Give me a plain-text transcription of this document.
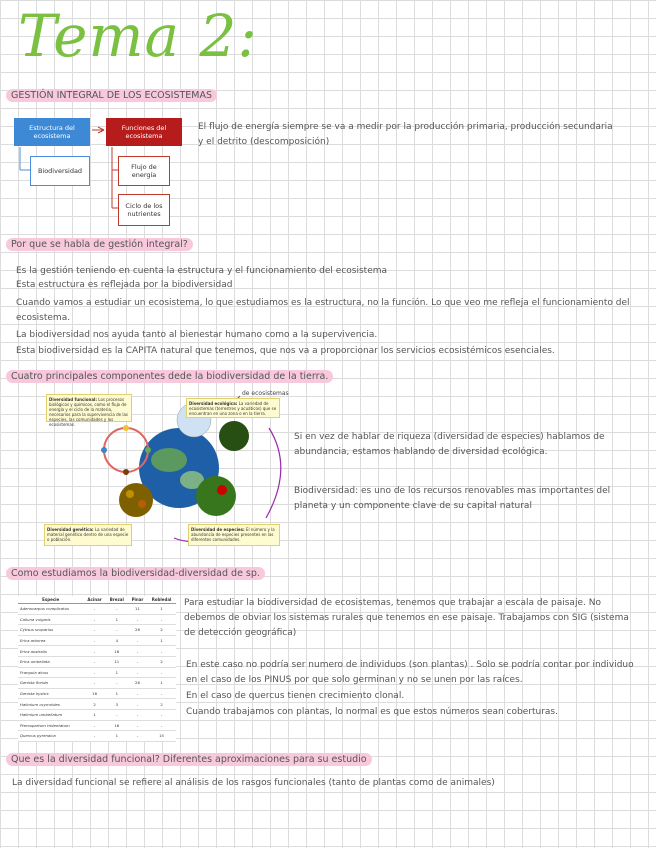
Tema 2:
GESTIÓN INTEGRAL DE LOS ECOSISTEMAS
Estructura del ecosistema
Funciones del ecosistema
Biodiversidad	Flujo de energía
Ciclo de los nutrientes
El flujo de energía siempre se va a medir por la producción primaria, producción secundaria y el detrito (descomposición)
Por que se habla de gestión integral?
Es la gestión teniendo en cuenta la estructura y el funcionamiento del ecosistema
Esta estructura es reflejada por la biodiversidad
Cuando vamos a estudiar un ecosistema, lo que estudiamos es la estructura, no la función. Lo que veo me refleja el funcionamiento del ecosistema.
La biodiversidad nos ayuda tanto al bienestar humano como a la supervivencia.
Esta biodiversidad es la CAPITA natural que tenemos, que nos va a proporcionar los servicios ecosistémicos esenciales.
Cuatro principales componentes dede la biodiversidad de la tierra.
de ecosistemas
Diversidad funcional: Los procesos biológicos y químicos, como el flujo de energía y el ciclo de la materia, necesarios para la supervivencia de las especies, las comunidades y los ecosistemas.
Diversidad ecológica: La variedad de ecosistemas (terrestres y acuáticos) que se encuentran en una zona o en la tierra.
Diversidad genética: La variedad de material genético dentro de una especie o población.
Diversidad de especies: El número y la abundancia de especies presentes en las diferentes comunidades.
Si en vez de hablar de riqueza (diversidad de especies) hablamos de abundancia, estamos hablando de diversidad ecológica.
Biodiversidad: es uno de los recursos renovables mas importantes del planeta y un componente clave de su capital natural
Como estudiamos la biodiversidad-diversidad de sp.
Especie	Acinar	Brezal	Pinar	Robledal
Adenocarpus complicatus	-	-	11	1
Calluna vulgaris	-	1	-	-
Cytisus scoparius	-	-	26	2
Erica arborea	-	4	-	1
Erica australis	-	16	-	-
Erica umbellata	-	11	-	2
Frangula alnus	-	1	-	-
Genista florida	-	-	26	1
Genista hystrix	16	1	-	-
Halimium ocymoides	2	3	-	2
Halimium umbellatum	1	-	-	-
Pterospartum tridentatum	-	16	-	-
Quercus pyrenaica	-	1	-	15
Para estudiar la biodiversidad de ecosistemas, tenemos que trabajar a escala de paisaje. No debemos de obviar los sistemas rurales que tenemos en ese paisaje. Trabajamos con SIG (sistema de detección geográfica)
En este caso no podría ser numero de individuos (son plantas) . Solo se podría contar por individuo en el caso de los PINUS por que solo germinan y no se unen por las raíces.
En el caso de quercus tienen crecimiento clonal.
Cuando trabajamos con plantas, lo normal es que estos números sean coberturas.
Que es la diversidad funcional? Diferentes aproximaciones para su estudio
La diversidad funcional se refiere al análisis de los rasgos funcionales (tanto de plantas como de animales)
